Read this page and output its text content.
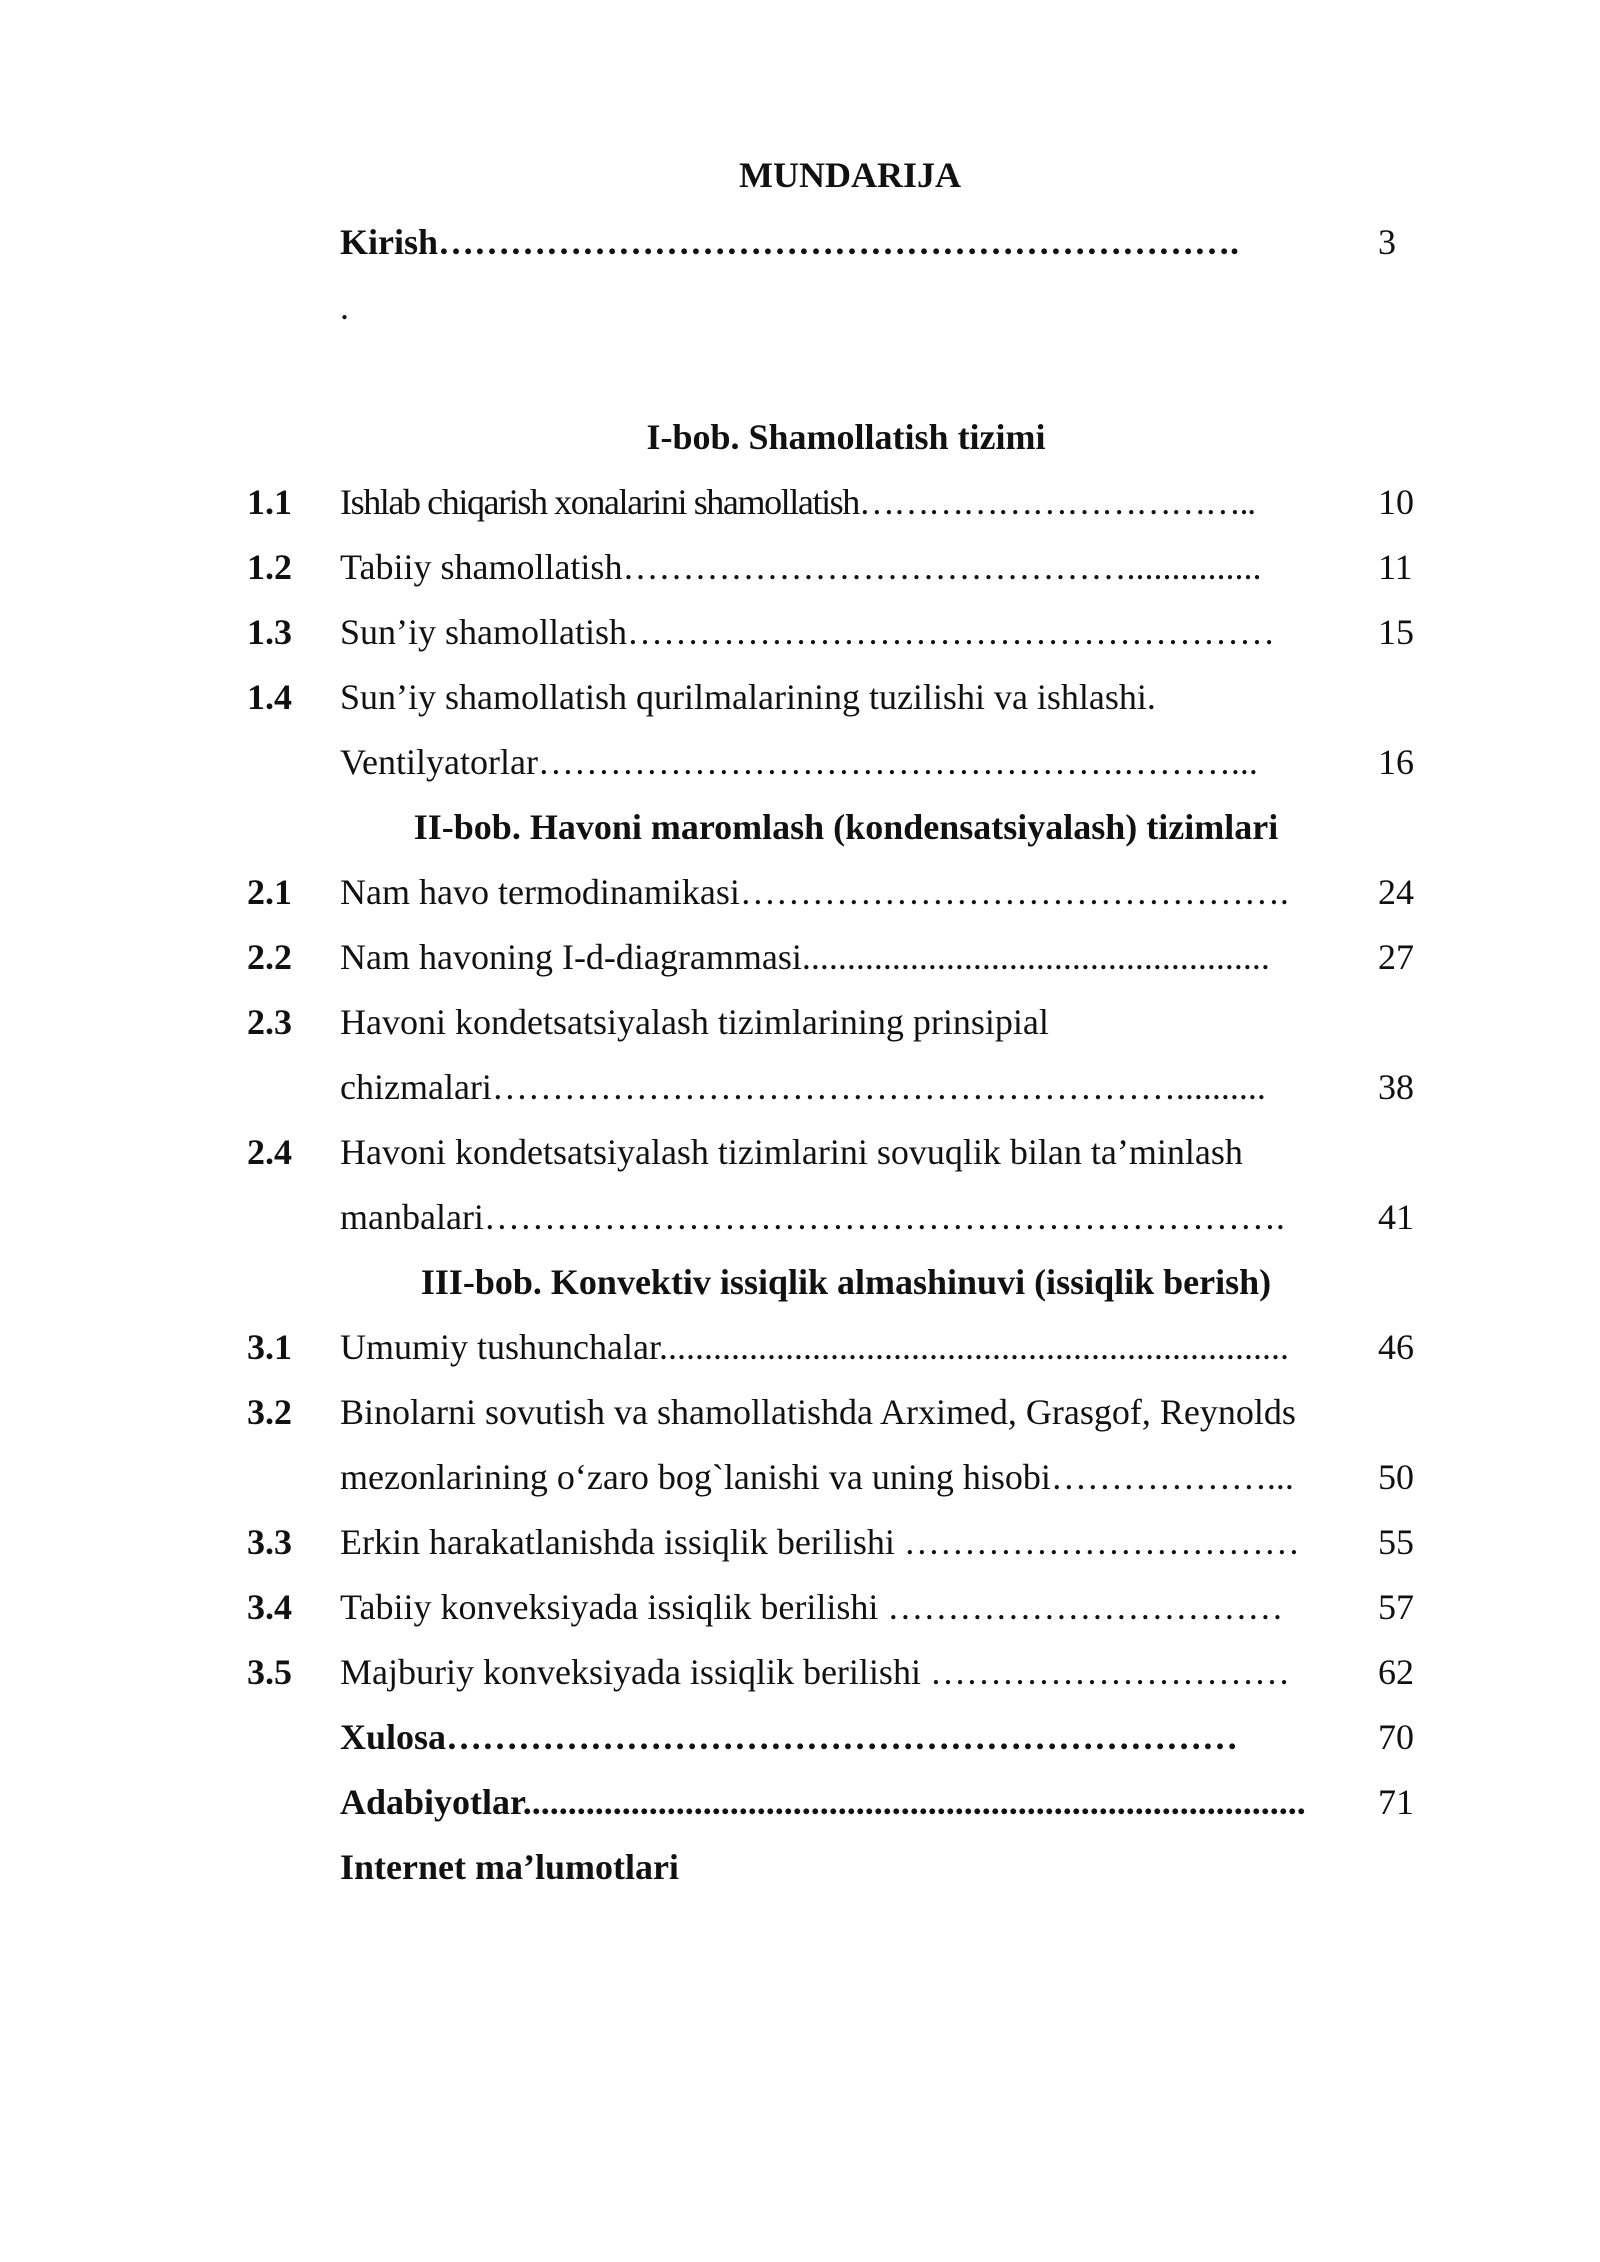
MUNDARIJA
Kirish………………………………………………………….	3
.
I-bob. Shamollatish tizimi
1.1 Ishlab chiqarish xonalarini shamollatish……………………………..	10
1.2 Tabiiy shamollatish……………………………………...............	11
1.3 Sun’iy shamollatish………………………………………………	15
1.4 Sun’iy shamollatish qurilmalarining tuzilishi va ishlashi.
Ventilyatorlar………………………………………….………...	16
II-bob. Havoni maromlash (kondensatsiyalash) tizimlari
2.1 Nam havo termodinamikasi………………………………………. 24
2.2 Nam havoning I-d-diagrammasi....................................................	27
2.3 Havoni kondetsatsiyalash tizimlarining prinsipial
chizmalari…………………………………………………..........	38
2.4 Havoni kondetsatsiyalash tizimlarini sovuqlik bilan ta’minlash
manbalari………………………………………………………….	41
III-bob. Konvektiv issiqlik almashinuvi (issiqlik berish)
3.1 Umumiy tushunchalar...................................................................... 46
3.2 Binolarni sovutish va shamollatishda Arximed, Grasgof, Reynolds
mezonlarining o‘zaro bog`lanishi va uning hisobi………………... 50
3.3 Erkin harakatlanishda issiqlik berilishi …………………………… 55
3.4 Tabiiy konveksiyada issiqlik berilishi ……………………………	57
3.5 Majburiy konveksiyada issiqlik berilishi ………………………… 62
Xulosa…………………………………………………………	70
Adabiyotlar....................................................................................... 71
Internet ma’lumotlari
